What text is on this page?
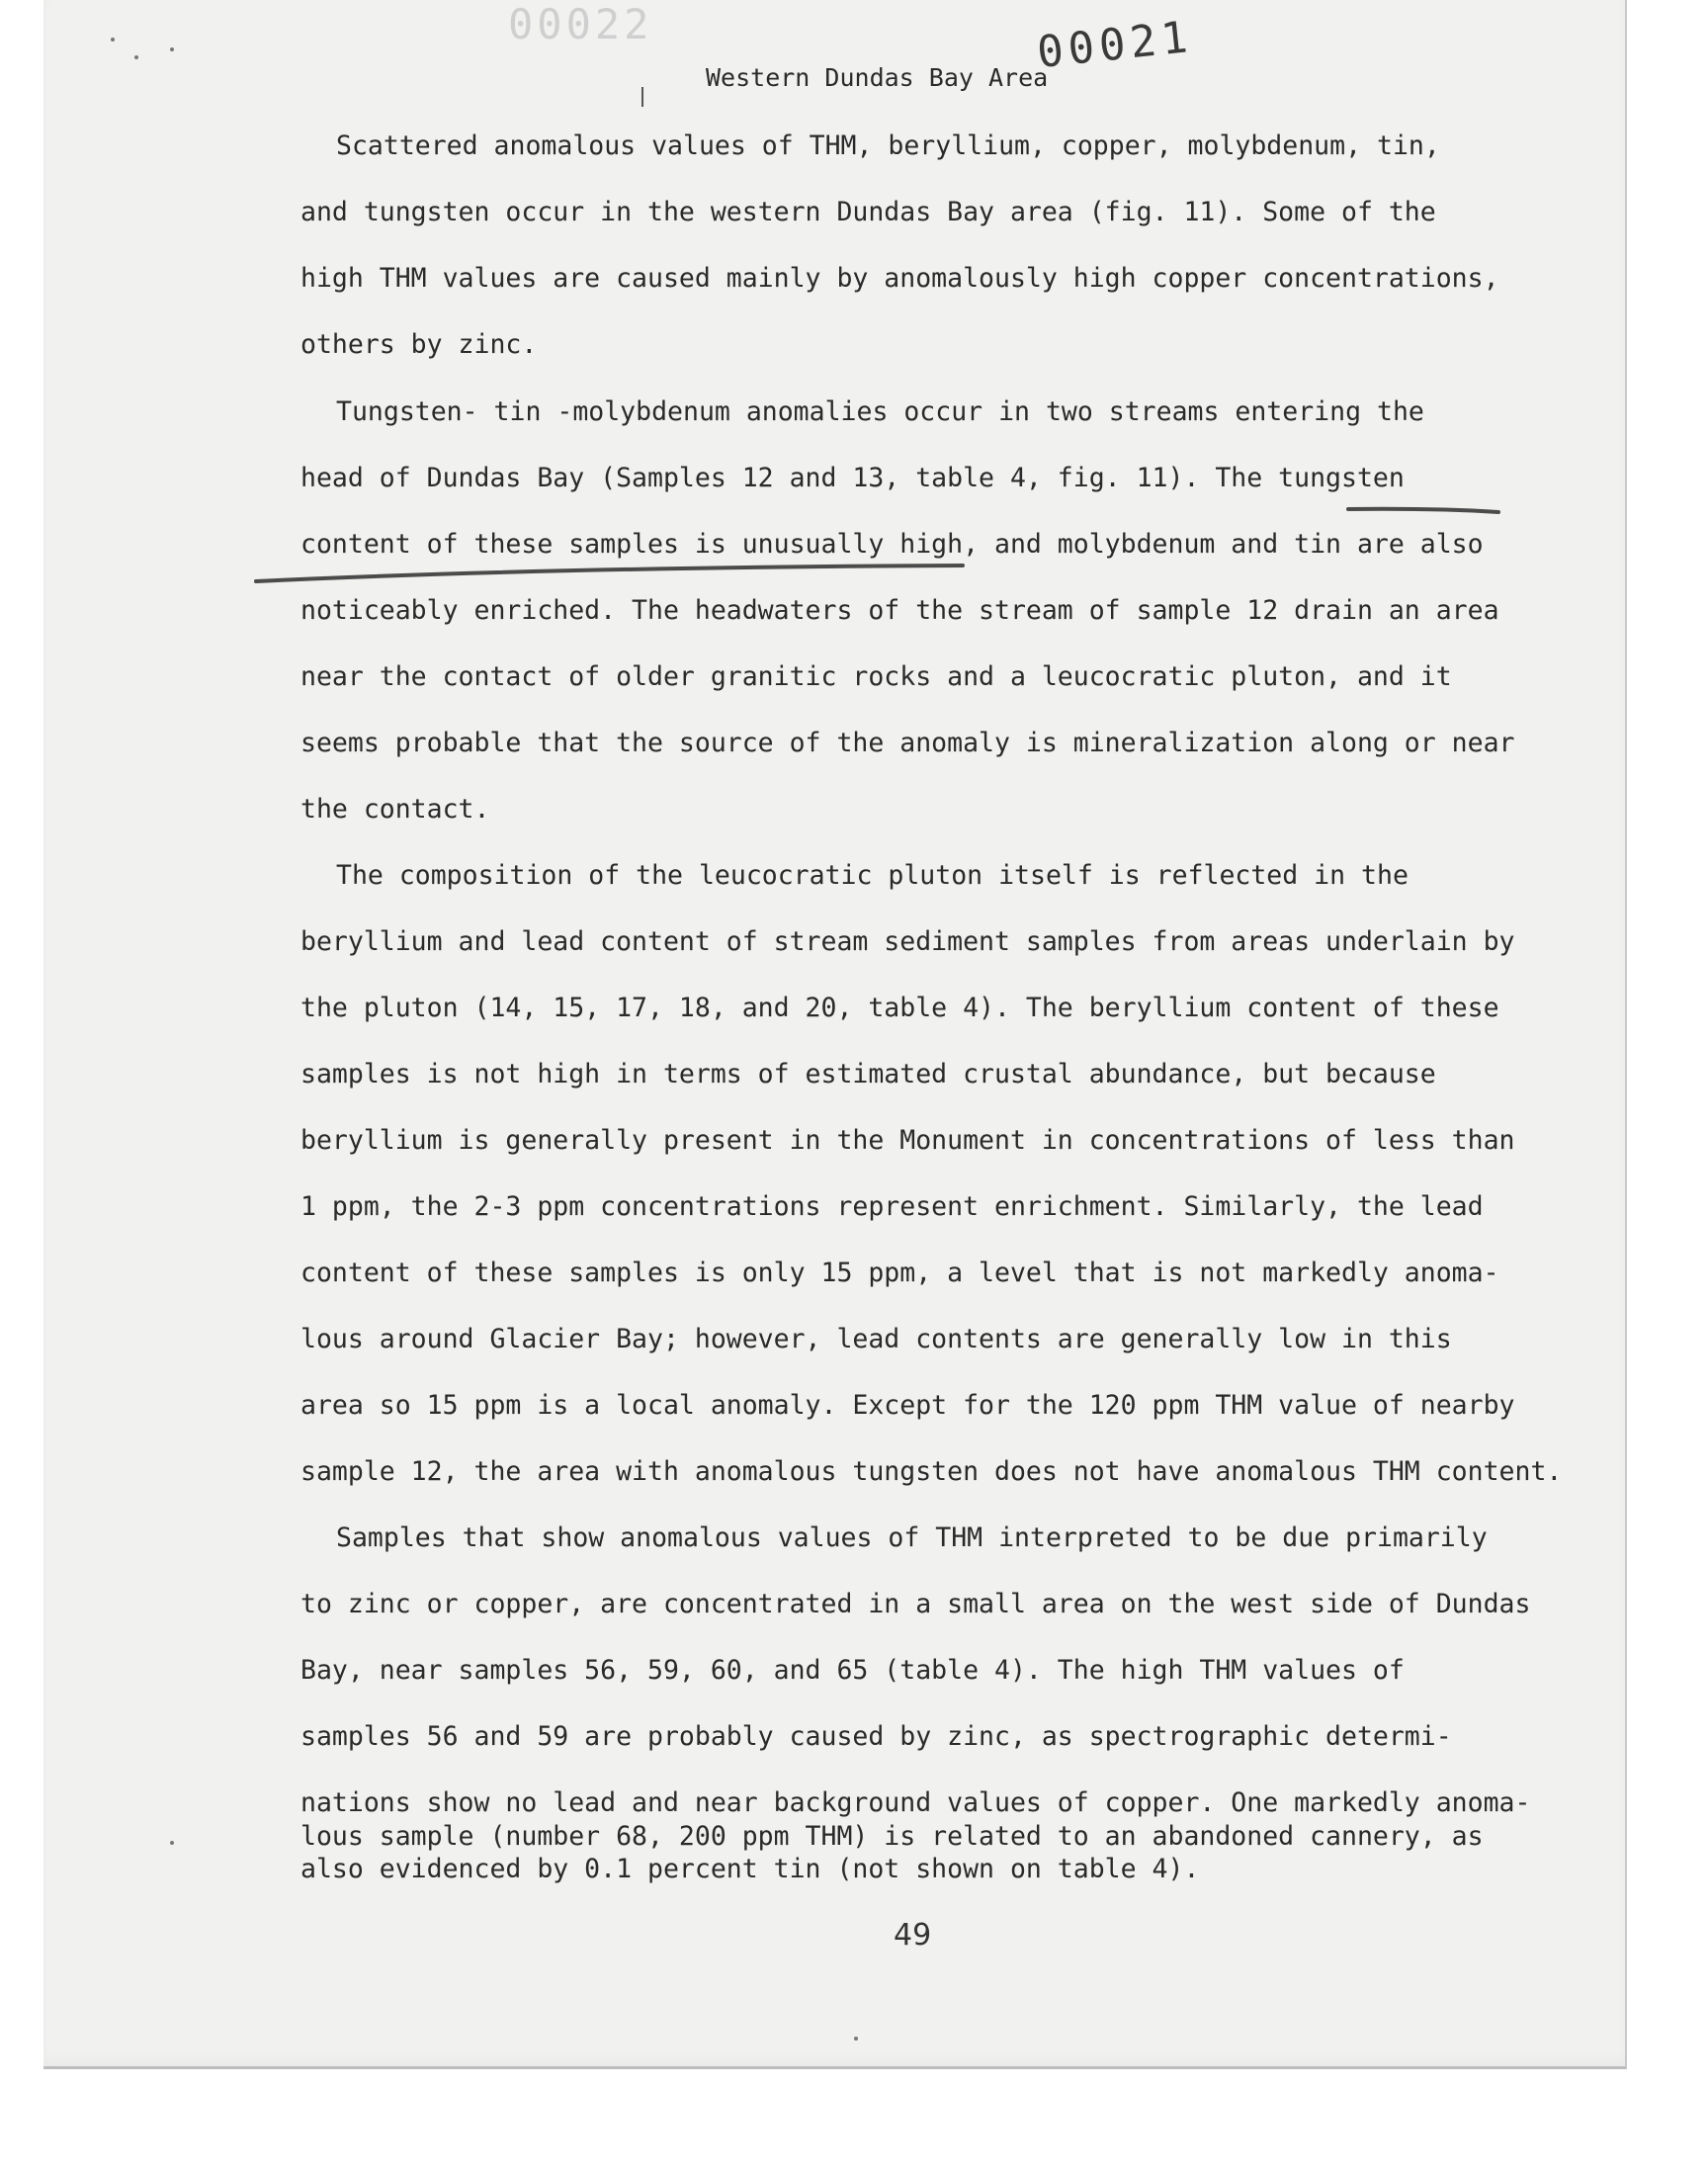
00022	00021
Western Dundas Bay Area
Scattered anomalous values of THM, beryllium, copper, molybdenum, tin,
and tungsten occur in the western Dundas Bay area (fig. 11). Some of the
high THM values are caused mainly by anomalously high copper concentrations,
others by zinc.
Tungsten- tin -molybdenum anomalies occur in two streams entering the
head of Dundas Bay (Samples 12 and 13, table 4, fig. 11). The tungsten
content of these samples is unusually high, and molybdenum and tin are also
noticeably enriched. The headwaters of the stream of sample 12 drain an area
near the contact of older granitic rocks and a leucocratic pluton, and it
seems probable that the source of the anomaly is mineralization along or near
the contact.
The composition of the leucocratic pluton itself is reflected in the
beryllium and lead content of stream sediment samples from areas underlain by
the pluton (14, 15, 17, 18, and 20, table 4). The beryllium content of these
samples is not high in terms of estimated crustal abundance, but because
beryllium is generally present in the Monument in concentrations of less than
1 ppm, the 2-3 ppm concentrations represent enrichment. Similarly, the lead
content of these samples is only 15 ppm, a level that is not markedly anoma-
lous around Glacier Bay; however, lead contents are generally low in this
area so 15 ppm is a local anomaly. Except for the 120 ppm THM value of nearby
sample 12, the area with anomalous tungsten does not have anomalous THM content.
Samples that show anomalous values of THM interpreted to be due primarily
to zinc or copper, are concentrated in a small area on the west side of Dundas
Bay, near samples 56, 59, 60, and 65 (table 4). The high THM values of
samples 56 and 59 are probably caused by zinc, as spectrographic determi-
nations show no lead and near background values of copper. One markedly anoma-
lous sample (number 68, 200 ppm THM) is related to an abandoned cannery, as
also evidenced by 0.1 percent tin (not shown on table 4).
49
